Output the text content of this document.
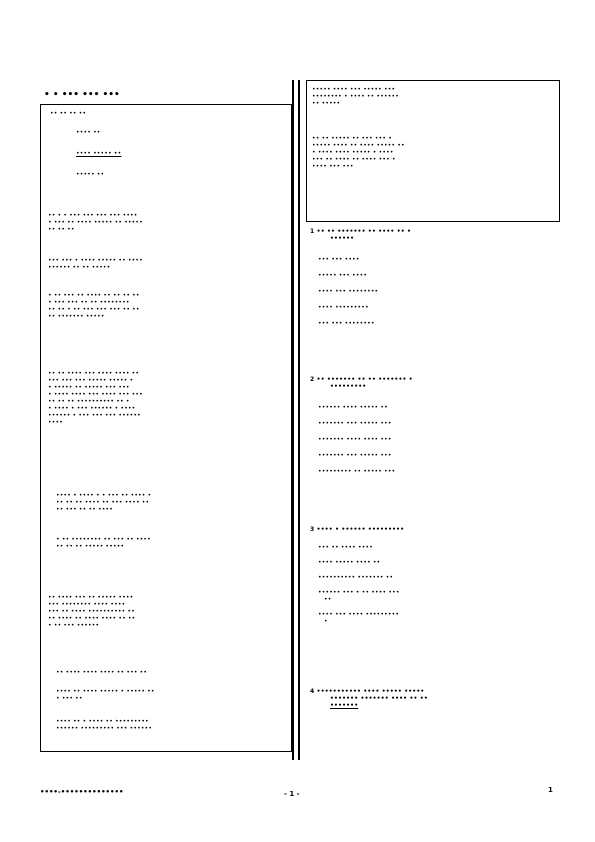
• • ••• ••• •••
•• •• •• ••
•••• ••
•••• ••••• ••
••••• ••
•• • • ••• ••• ••• ••• ••••
• ••• •• •••• ••••• •• •••••
•• •• ••
••• ••• • •••• ••••• •• ••••
•••••• •• •• •••••
• •• ••• •• •••• •• •• •• ••
• ••• ••• •• •• ••••••••
•• •• • •• ••• ••• ••• •• ••
•• ••••••• •••••
•• •• •••• ••• •••• •••• ••
••• ••• ••• ••••• ••••• •
• ••••• •• ••••• ••• •••
• •••• •••• ••• •••• ••• •••
•• •• •• •••••••••• •• •
• •••• • ••• •••••• • ••••
•••••• • ••• ••• ••• ••••••
••••
•••• • •••• • • ••• •• •••• •
•• •• •• •••• •• ••• •••• ••
•• ••• •• •• ••••
• •• •••••••• •• ••• •• ••••
•• •• •• ••••• •••••
•• •••• ••• •• ••••• ••••
••• •••••••• •••• ••••
••• •• •••• •••••••••• ••
•• •••• •• •••• •••• •• ••
• •• ••• ••••••
•• •••• •••• •••• •• ••• ••
•••• •• •••• ••••• • ••••• ••
• ••• ••
•••• •• • •••• •• •••••••••
•••••• ••••••••• ••• ••••••
••••• •••• ••• ••••• •••
•••••••• • •••• •• ••••••
•• •••••
•• •• ••••• •• ••• ••• •
••••• •••• •• •••• ••••• ••
• •••• •••• ••••• • ••••
••• •• •••• •• •••• ••• •
•••• ••• •••
1 •• •• ••••••• •• •••• •• •
••••••
••• ••• ••••
••••• ••• ••••
•••• ••• ••••••••
•••• •••••••••
••• ••• ••••••••
2 •• ••••••• •• •• ••••••• •
•••••••••
•••••• •••• ••••• ••
••••••• ••• ••••• •••
••••••• •••• •••• •••
••••••• ••• ••••• •••
••••••••• •• ••••• •••
3 •••• • •••••• •••••••••
••• •• •••• ••••
•••• ••••• •••• ••
•••••••••• ••••••• ••
•••••• ••• • •• •••• •••
••
•••• ••• •••• •••••••••
•
4 ••••••••••• •••• ••••• •••••
••••••• ••••••• •••• •• ••
•••••••
••••-••••••••••••••	- 1 -	1
